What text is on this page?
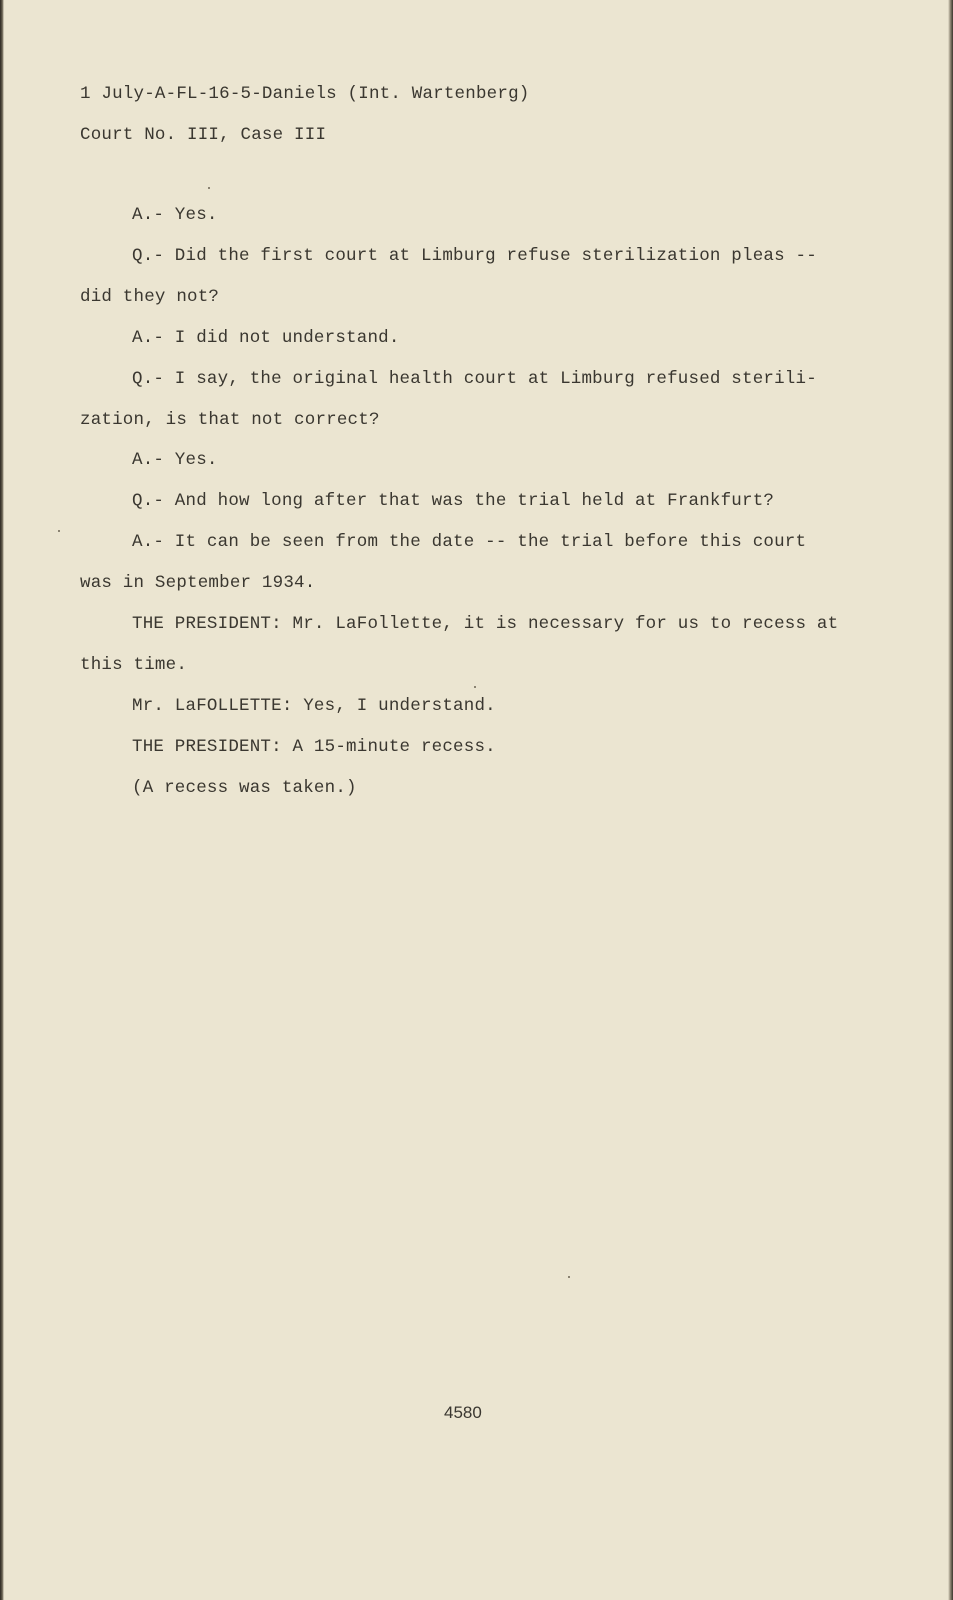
1 July-A-FL-16-5-Daniels (Int. Wartenberg)
Court No. III, Case III
A.- Yes.
Q.- Did the first court at Limburg refuse sterilization pleas --
did they not?
A.- I did not understand.
Q.- I say, the original health court at Limburg refused sterili-
zation, is that not correct?
A.- Yes.
Q.- And how long after that was the trial held at Frankfurt?
A.- It can be seen from the date -- the trial before this court
was in September 1934.
THE PRESIDENT: Mr. LaFollette, it is necessary for us to recess at
this time.
Mr. LaFOLLETTE: Yes, I understand.
THE PRESIDENT: A 15-minute recess.
(A recess was taken.)
4580
